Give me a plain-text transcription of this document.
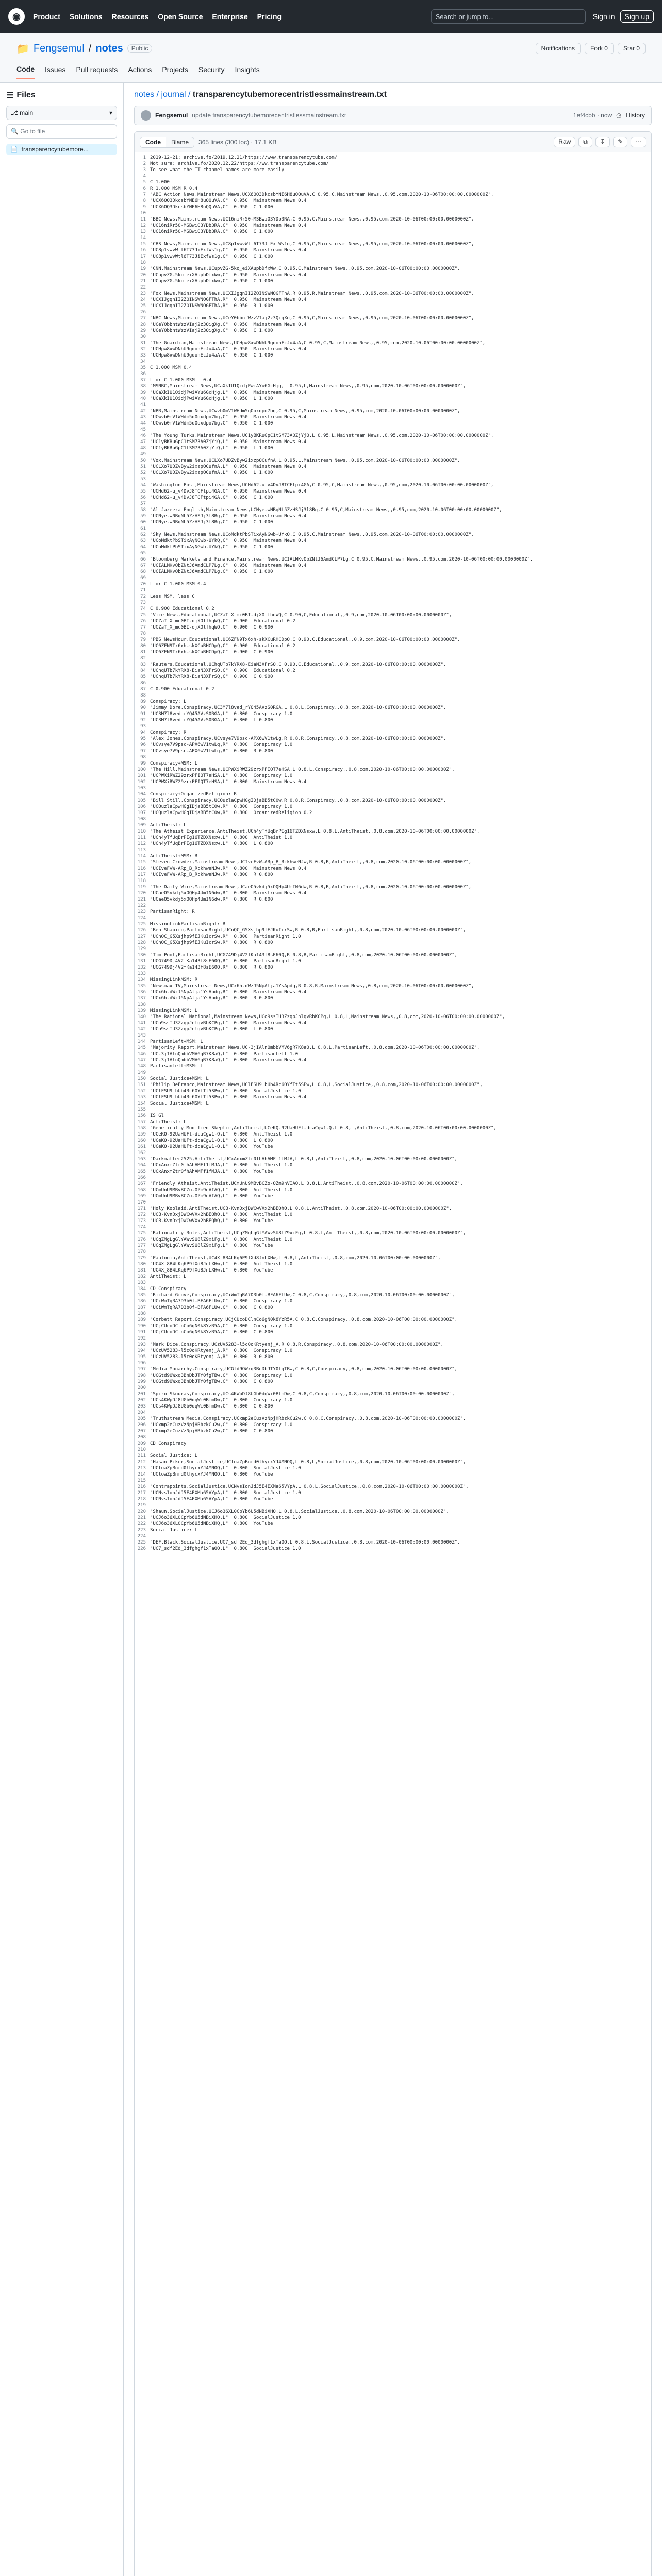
◉	Product Solutions Resources Open Source Enterprise Pricing	Search or jump to...	Sign in	Sign up
📁 Fengsemul / notes	Public	Notifications	Fork 0	Star 0
Code Issues Pull requests Actions Projects Security Insights
☰ Files
⎇ main	▾
🔍 Go to file
📄  transparencytubemore...
notes / journal / transparencytubemorecentristlessmainstream.txt
Fengsemul update transparencytubemorecentristlessmainstream.txt	1ef4cbb · now ◷ History
Code	Blame	365 lines (300 loc) · 17.1 KB	Raw	⧉	↧	✎	⋯
1 2019-12-21: archive.fo/2019.12.21/https://www.transparencytube.com/
2 Not sure: archive.fo/2020.12.22/https://ww.transparencytube.com/
3 To see what the TT channel names are more easily
4
5 C 1.000
6 R 1.000 MSM R 0.4
7 "ABC Action News,Mainstream News,UCX6OQ3DkcsbYNE6H8uQQuVA,C 0.95,C,Mainstream News,,0.95,com,2020-10-06T00:00:00.0000000Z",
8 "UCX6OQ3DkcsbYNE6H8uQQuVA,C"  0.950  Mainstream News 0.4
9 "UCX6OQ3DkcsbYNE6H8uQQuVA,C"  0.950  C 1.000
10
11 "BBC News,Mainstream News,UC16niRr50-MSBwiO3YDb3RA,C 0.95,C,Mainstream News,,0.95,com,2020-10-06T00:00:00.0000000Z",
12 "UC16niRr50-MSBwiO3YDb3RA,C"  0.950  Mainstream News 0.4
13 "UC16niRr50-MSBwiO3YDb3RA,C"  0.950  C 1.000
14
15 "CBS News,Mainstream News,UC8p1vwvWtl6T73JiExfWs1g,C 0.95,C,Mainstream News,,0.95,com,2020-10-06T00:00:00.0000000Z",
16 "UC8p1vwvWtl6T73JiExfWs1g,C"  0.950  Mainstream News 0.4
17 "UC8p1vwvWtl6T73JiExfWs1g,C"  0.950  C 1.000
18
19 "CNN,Mainstream News,UCupvZG-5ko_eiXAupbDfxWw,C 0.95,C,Mainstream News,,0.95,com,2020-10-06T00:00:00.0000000Z",
20 "UCupvZG-5ko_eiXAupbDfxWw,C"  0.950  Mainstream News 0.4
21 "UCupvZG-5ko_eiXAupbDfxWw,C"  0.950  C 1.000
22
23 "Fox News,Mainstream News,UCXIJgqnII2ZOINSWNOGFThA,R 0.95,R,Mainstream News,,0.95,com,2020-10-06T00:00:00.0000000Z",
24 "UCXIJgqnII2ZOINSWNOGFThA,R"  0.950  Mainstream News 0.4
25 "UCXIJgqnII2ZOINSWNOGFThA,R"  0.950  R 1.000
26
27 "NBC News,Mainstream News,UCeY0bbntWzzVIaj2z3QigXg,C 0.95,C,Mainstream News,,0.95,com,2020-10-06T00:00:00.0000000Z",
28 "UCeY0bbntWzzVIaj2z3QigXg,C"  0.950  Mainstream News 0.4
29 "UCeY0bbntWzzVIaj2z3QigXg,C"  0.950  C 1.000
30
31 "The Guardian,Mainstream News,UCHpw8xwDNhU9gdohEcJu4aA,C 0.95,C,Mainstream News,,0.95,com,2020-10-06T00:00:00.0000000Z",
32 "UCHpw8xwDNhU9gdohEcJu4aA,C"  0.950  Mainstream News 0.4
33 "UCHpw8xwDNhU9gdohEcJu4aA,C"  0.950  C 1.000
34
35 C 1.000 MSM 0.4
36
37 L or C 1.000 MSM L 0.4
38 "MSNBC,Mainstream News,UCaXkIU1QidjPwiAYu6GcHjg,L 0.95,L,Mainstream News,,0.95,com,2020-10-06T00:00:00.0000000Z",
39 "UCaXkIU1QidjPwiAYu6GcHjg,L"  0.950  Mainstream News 0.4
40 "UCaXkIU1QidjPwiAYu6GcHjg,L"  0.950  L 1.000
41
42 "NPR,Mainstream News,UCwvb0mV1WHdm5qOoxdpo7bg,C 0.95,C,Mainstream News,,0.95,com,2020-10-06T00:00:00.0000000Z",
43 "UCwvb0mV1WHdm5qOoxdpo7bg,C"  0.950  Mainstream News 0.4
44 "UCwvb0mV1WHdm5qOoxdpo7bg,C"  0.950  C 1.000
45
46 "The Young Turks,Mainstream News,UC1yBKRuGpC1tSM73A0ZjYjQ,L 0.95,L,Mainstream News,,0.95,com,2020-10-06T00:00:00.0000000Z",
47 "UC1yBKRuGpC1tSM73A0ZjYjQ,L"  0.950  Mainstream News 0.4
48 "UC1yBKRuGpC1tSM73A0ZjYjQ,L"  0.950  L 1.000
49
50 "Vox,Mainstream News,UCLXo7UDZvByw2ixzpQCufnA,L 0.95,L,Mainstream News,,0.95,com,2020-10-06T00:00:00.0000000Z",
51 "UCLXo7UDZvByw2ixzpQCufnA,L"  0.950  Mainstream News 0.4
52 "UCLXo7UDZvByw2ixzpQCufnA,L"  0.950  L 1.000
53
54 "Washington Post,Mainstream News,UCHd62-u_v4DvJ8TCFtpi4GA,C 0.95,C,Mainstream News,,0.95,com,2020-10-06T00:00:00.0000000Z",
55 "UCHd62-u_v4DvJ8TCFtpi4GA,C"  0.950  Mainstream News 0.4
56 "UCHd62-u_v4DvJ8TCFtpi4GA,C"  0.950  C 1.000
57
58 "Al Jazeera English,Mainstream News,UCNye-wNBqNL5ZzHSJj3l8Bg,C 0.95,C,Mainstream News,,0.95,com,2020-10-06T00:00:00.0000000Z",
59 "UCNye-wNBqNL5ZzHSJj3l8Bg,C"  0.950  Mainstream News 0.4
60 "UCNye-wNBqNL5ZzHSJj3l8Bg,C"  0.950  C 1.000
61
62 "Sky News,Mainstream News,UCoMdktPbSTixAyNGwb-UYkQ,C 0.95,C,Mainstream News,,0.95,com,2020-10-06T00:00:00.0000000Z",
63 "UCoMdktPbSTixAyNGwb-UYkQ,C"  0.950  Mainstream News 0.4
64 "UCoMdktPbSTixAyNGwb-UYkQ,C"  0.950  C 1.000
65
66 "Bloomberg Markets and Finance,Mainstream News,UCIALMKvObZNtJ6AmdCLP7Lg,C 0.95,C,Mainstream News,,0.95,com,2020-10-06T00:00:00.0000000Z",
67 "UCIALMKvObZNtJ6AmdCLP7Lg,C"  0.950  Mainstream News 0.4
68 "UCIALMKvObZNtJ6AmdCLP7Lg,C"  0.950  C 1.000
69
70 L or C 1.000 MSM 0.4
71
72 Less MSM, less C
73
74 C 0.900 Educational 0.2
75 "Vice News,Educational,UCZaT_X_mc0BI-djXOlfhqWQ,C 0.90,C,Educational,,0.9,com,2020-10-06T00:00:00.0000000Z",
76 "UCZaT_X_mc0BI-djXOlfhqWQ,C"  0.900  Educational 0.2
77 "UCZaT_X_mc0BI-djXOlfhqWQ,C"  0.900  C 0.900
78
79 "PBS NewsHour,Educational,UC6ZFN9Tx6xh-skXCuRHCDpQ,C 0.90,C,Educational,,0.9,com,2020-10-06T00:00:00.0000000Z",
80 "UC6ZFN9Tx6xh-skXCuRHCDpQ,C"  0.900  Educational 0.2
81 "UC6ZFN9Tx6xh-skXCuRHCDpQ,C"  0.900  C 0.900
82
83 "Reuters,Educational,UChqUTb7kYRX8-EiaN3XFrSQ,C 0.90,C,Educational,,0.9,com,2020-10-06T00:00:00.0000000Z",
84 "UChqUTb7kYRX8-EiaN3XFrSQ,C"  0.900  Educational 0.2
85 "UChqUTb7kYRX8-EiaN3XFrSQ,C"  0.900  C 0.900
86
87 C 0.900 Educational 0.2
88
89 Conspiracy: L
90 "Jimmy Dore,Conspiracy,UC3M7l8ved_rYQ45AVzS0RGA,L 0.8,L,Conspiracy,,0.8,com,2020-10-06T00:00:00.0000000Z",
91 "UC3M7l8ved_rYQ45AVzS0RGA,L"  0.800  Conspiracy 1.0
92 "UC3M7l8ved_rYQ45AVzS0RGA,L"  0.800  L 0.800
93
94 Conspiracy: R
95 "Alex Jones,Conspiracy,UCvsye7V9psc-APX6wV1twLg,R 0.8,R,Conspiracy,,0.8,com,2020-10-06T00:00:00.0000000Z",
96 "UCvsye7V9psc-APX6wV1twLg,R"  0.800  Conspiracy 1.0
97 "UCvsye7V9psc-APX6wV1twLg,R"  0.800  R 0.800
98
99 Conspiracy+MSM: L
100 "The Hill,Mainstream News,UCPWXiRWZ29zrxPFIQT7eHSA,L 0.8,L,Conspiracy,,0.8,com,2020-10-06T00:00:00.0000000Z",
101 "UCPWXiRWZ29zrxPFIQT7eHSA,L"  0.800  Conspiracy 1.0
102 "UCPWXiRWZ29zrxPFIQT7eHSA,L"  0.800  Mainstream News 0.4
103
104 Conspiracy+OrganizedReligion: R
105 "Bill Still,Conspiracy,UCQuzlaCpwHGgIDjaBB5tC0w,R 0.8,R,Conspiracy,,0.8,com,2020-10-06T00:00:00.0000000Z",
106 "UCQuzlaCpwHGgIDjaBB5tC0w,R"  0.800  Conspiracy 1.0
107 "UCQuzlaCpwHGgIDjaBB5tC0w,R"  0.800  OrganizedReligion 0.2
108
109 AntiTheist: L
110 "The Atheist Experience,AntiTheist,UCh4yTfUqBrPIg16TZDXNsxw,L 0.8,L,AntiTheist,,0.8,com,2020-10-06T00:00:00.0000000Z",
111 "UCh4yTfUqBrPIg16TZDXNsxw,L"  0.800  AntiTheist 1.0
112 "UCh4yTfUqBrPIg16TZDXNsxw,L"  0.800  L 0.800
113
114 AntiTheist+MSM: R
115 "Steven Crowder,Mainstream News,UCIveFvW-ARp_B_RckhweNJw,R 0.8,R,AntiTheist,,0.8,com,2020-10-06T00:00:00.0000000Z",
116 "UCIveFvW-ARp_B_RckhweNJw,R"  0.800  Mainstream News 0.4
117 "UCIveFvW-ARp_B_RckhweNJw,R"  0.800  R 0.800
118
119 "The Daily Wire,Mainstream News,UCaeO5vkdj5xOQHp4UmIN6dw,R 0.8,R,AntiTheist,,0.8,com,2020-10-06T00:00:00.0000000Z",
120 "UCaeO5vkdj5xOQHp4UmIN6dw,R"  0.800  Mainstream News 0.4
121 "UCaeO5vkdj5xOQHp4UmIN6dw,R"  0.800  R 0.800
122
123 PartisanRight: R
124
125 MissingLinkPartisanRight: R
126 "Ben Shapiro,PartisanRight,UCnQC_G5Xsjhp9fEJKuIcrSw,R 0.8,R,PartisanRight,,0.8,com,2020-10-06T00:00:00.0000000Z",
127 "UCnQC_G5Xsjhp9fEJKuIcrSw,R"  0.800  PartisanRight 1.0
128 "UCnQC_G5Xsjhp9fEJKuIcrSw,R"  0.800  R 0.800
129
130 "Tim Pool,PartisanRight,UCG749Dj4V2fKa143f8sE60Q,R 0.8,R,PartisanRight,,0.8,com,2020-10-06T00:00:00.0000000Z",
131 "UCG749Dj4V2fKa143f8sE60Q,R"  0.800  PartisanRight 1.0
132 "UCG749Dj4V2fKa143f8sE60Q,R"  0.800  R 0.800
133
134 MissingLinkMSM: R
135 "Newsmax TV,Mainstream News,UCx6h-dWzJ5NpAlja1YsApdg,R 0.8,R,Mainstream News,,0.8,com,2020-10-06T00:00:00.0000000Z",
136 "UCx6h-dWzJ5NpAlja1YsApdg,R"  0.800  Mainstream News 0.4
137 "UCx6h-dWzJ5NpAlja1YsApdg,R"  0.800  R 0.800
138
139 MissingLinkMSM: L
140 "The Rational National,Mainstream News,UCo9ssTU3ZzqpJnlqvRbKCPg,L 0.8,L,Mainstream News,,0.8,com,2020-10-06T00:00:00.0000000Z",
141 "UCo9ssTU3ZzqpJnlqvRbKCPg,L"  0.800  Mainstream News 0.4
142 "UCo9ssTU3ZzqpJnlqvRbKCPg,L"  0.800  L 0.800
143
144 PartisanLeft+MSM: L
145 "Majority Report,Mainstream News,UC-3jIAlnQmbbVMV6gR7K8aQ,L 0.8,L,PartisanLeft,,0.8,com,2020-10-06T00:00:00.0000000Z",
146 "UC-3jIAlnQmbbVMV6gR7K8aQ,L"  0.800  PartisanLeft 1.0
147 "UC-3jIAlnQmbbVMV6gR7K8aQ,L"  0.800  Mainstream News 0.4
148 PartisanLeft+MSM: L
149
150 Social Justice+MSM: L
151 "Philip DeFranco,Mainstream News,UClFSU9_bUb4Rc6OYfTt5SPw,L 0.8,L,SocialJustice,,0.8,com,2020-10-06T00:00:00.0000000Z",
152 "UClFSU9_bUb4Rc6OYfTt5SPw,L"  0.800  SocialJustice 1.0
153 "UClFSU9_bUb4Rc6OYfTt5SPw,L"  0.800  Mainstream News 0.4
154 Social Justice+MSM: L
155
156 IS Gl
157 AntiTheist: L
158 "Genetically Modified Skeptic,AntiTheist,UCeKQ-92UaHUFt-dcaCgw1-Q,L 0.8,L,AntiTheist,,0.8,com,2020-10-06T00:00:00.0000000Z",
159 "UCeKQ-92UaHUFt-dcaCgw1-Q,L"  0.800  AntiTheist 1.0
160 "UCeKQ-92UaHUFt-dcaCgw1-Q,L"  0.800  L 0.800
161 "UCeKQ-92UaHUFt-dcaCgw1-Q,L"  0.800  YouTube
162
163 "Darkmatter2525,AntiTheist,UCxAnxmZtr0fhAhAMFf1fMJA,L 0.8,L,AntiTheist,,0.8,com,2020-10-06T00:00:00.0000000Z",
164 "UCxAnxmZtr0fhAhAMFf1fMJA,L"  0.800  AntiTheist 1.0
165 "UCxAnxmZtr0fhAhAMFf1fMJA,L"  0.800  YouTube
166
167 "Friendly Atheist,AntiTheist,UCmUnU9MBvBCZo-OZm9nVIAQ,L 0.8,L,AntiTheist,,0.8,com,2020-10-06T00:00:00.0000000Z",
168 "UCmUnU9MBvBCZo-OZm9nVIAQ,L"  0.800  AntiTheist 1.0
169 "UCmUnU9MBvBCZo-OZm9nVIAQ,L"  0.800  YouTube
170
171 "Holy Koolaid,AntiTheist,UCB-KvnDxjDWCwVXx2hBEQhQ,L 0.8,L,AntiTheist,,0.8,com,2020-10-06T00:00:00.0000000Z",
172 "UCB-KvnDxjDWCwVXx2hBEQhQ,L"  0.800  AntiTheist 1.0
173 "UCB-KvnDxjDWCwVXx2hBEQhQ,L"  0.800  YouTube
174
175 "Rationality Rules,AntiTheist,UCqZMgLgGlYAWvSU8lZ9xiFg,L 0.8,L,AntiTheist,,0.8,com,2020-10-06T00:00:00.0000000Z",
176 "UCqZMgLgGlYAWvSU8lZ9xiFg,L"  0.800  AntiTheist 1.0
177 "UCqZMgLgGlYAWvSU8lZ9xiFg,L"  0.800  YouTube
178
179 "Paulogia,AntiTheist,UC4X_8B4LKq6P9fXd8JnLXHw,L 0.8,L,AntiTheist,,0.8,com,2020-10-06T00:00:00.0000000Z",
180 "UC4X_8B4LKq6P9fXd8JnLXHw,L"  0.800  AntiTheist 1.0
181 "UC4X_8B4LKq6P9fXd8JnLXHw,L"  0.800  YouTube
182 AntiTheist: L
183
184 CD Conspiracy
185 "Richard Grove,Conspiracy,UCiWmTqRA7D3b0f-BFA6FLUw,C 0.8,C,Conspiracy,,0.8,com,2020-10-06T00:00:00.0000000Z",
186 "UCiWmTqRA7D3b0f-BFA6FLUw,C"  0.800  Conspiracy 1.0
187 "UCiWmTqRA7D3b0f-BFA6FLUw,C"  0.800  C 0.800
188
189 "Corbett Report,Conspiracy,UCjCUcoDClnCo6gN0k8YzR5A,C 0.8,C,Conspiracy,,0.8,com,2020-10-06T00:00:00.0000000Z",
190 "UCjCUcoDClnCo6gN0k8YzR5A,C"  0.800  Conspiracy 1.0
191 "UCjCUcoDClnCo6gN0k8YzR5A,C"  0.800  C 0.800
192
193 "Mark Dice,Conspiracy,UCzUV5283-l5c0oKRtyenj_A,R 0.8,R,Conspiracy,,0.8,com,2020-10-06T00:00:00.0000000Z",
194 "UCzUV5283-l5c0oKRtyenj_A,R"  0.800  Conspiracy 1.0
195 "UCzUV5283-l5c0oKRtyenj_A,R"  0.800  R 0.800
196
197 "Media Monarchy,Conspiracy,UCGtd9OWxq3BnDbJTY0fgTBw,C 0.8,C,Conspiracy,,0.8,com,2020-10-06T00:00:00.0000000Z",
198 "UCGtd9OWxq3BnDbJTY0fgTBw,C"  0.800  Conspiracy 1.0
199 "UCGtd9OWxq3BnDbJTY0fgTBw,C"  0.800  C 0.800
200
201 "Spiro Skouras,Conspiracy,UCs4KWpDJ8UGb0dqWi0BfmDw,C 0.8,C,Conspiracy,,0.8,com,2020-10-06T00:00:00.0000000Z",
202 "UCs4KWpDJ8UGb0dqWi0BfmDw,C"  0.800  Conspiracy 1.0
203 "UCs4KWpDJ8UGb0dqWi0BfmDw,C"  0.800  C 0.800
204
205 "Truthstream Media,Conspiracy,UCxmp2eCuzVzNpjHRbzkCu2w,C 0.8,C,Conspiracy,,0.8,com,2020-10-06T00:00:00.0000000Z",
206 "UCxmp2eCuzVzNpjHRbzkCu2w,C"  0.800  Conspiracy 1.0
207 "UCxmp2eCuzVzNpjHRbzkCu2w,C"  0.800  C 0.800
208
209 CD Conspiracy
210
211 Social Justice: L
212 "Hasan Piker,SocialJustice,UCtoaZpBnrd0lhycxYJ4MNOQ,L 0.8,L,SocialJustice,,0.8,com,2020-10-06T00:00:00.0000000Z",
213 "UCtoaZpBnrd0lhycxYJ4MNOQ,L"  0.800  SocialJustice 1.0
214 "UCtoaZpBnrd0lhycxYJ4MNOQ,L"  0.800  YouTube
215
216 "Contrapoints,SocialJustice,UCNvsIonJdJ5E4EXMa65VYpA,L 0.8,L,SocialJustice,,0.8,com,2020-10-06T00:00:00.0000000Z",
217 "UCNvsIonJdJ5E4EXMa65VYpA,L"  0.800  SocialJustice 1.0
218 "UCNvsIonJdJ5E4EXMa65VYpA,L"  0.800  YouTube
219
220 "Shaun,SocialJustice,UCJ6o36XL0CpYb6U5dNBiXHQ,L 0.8,L,SocialJustice,,0.8,com,2020-10-06T00:00:00.0000000Z",
221 "UCJ6o36XL0CpYb6U5dNBiXHQ,L"  0.800  SocialJustice 1.0
222 "UCJ6o36XL0CpYb6U5dNBiXHQ,L"  0.800  YouTube
223 Social Justice: L
224
225 "DEF,Black,SocialJustice,UC7_sdf2Ed_3dfghgf1xTaOQ,L 0.8,L,SocialJustice,,0.8,com,2020-10-06T00:00:00.0000000Z",
226 "UC7_sdf2Ed_3dfghgf1xTaOQ,L"  0.800  SocialJustice 1.0
